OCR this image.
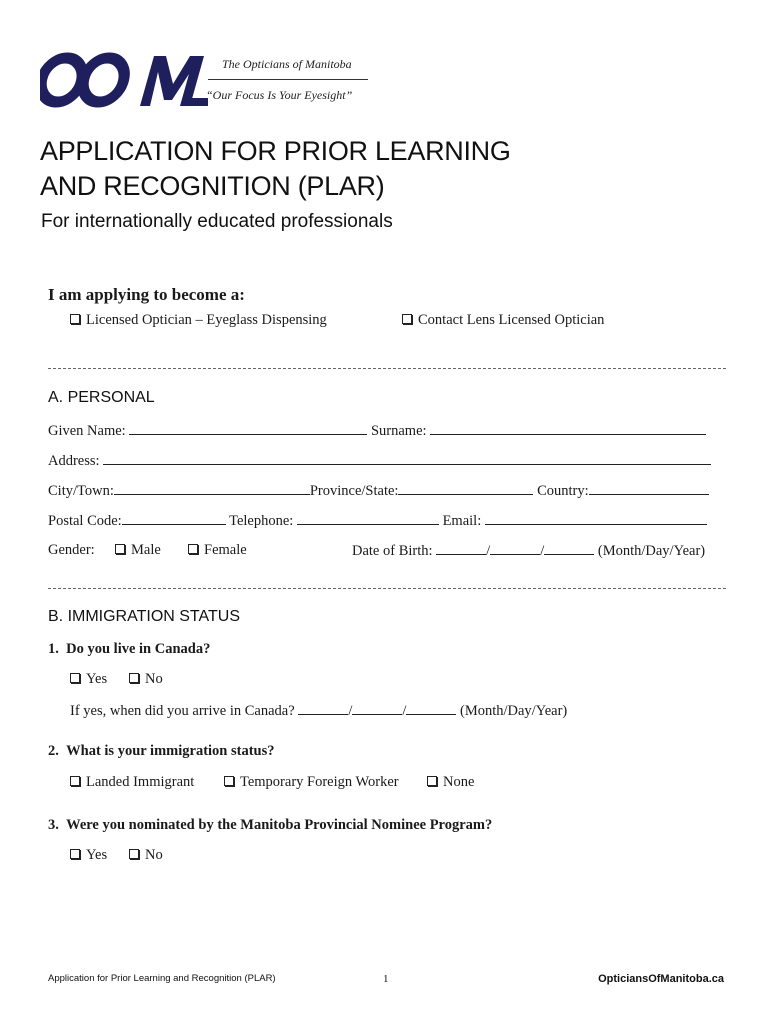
The Opticians of Manitoba
“Our Focus Is Your Eyesight”
APPLICATION FOR PRIOR LEARNING
AND RECOGNITION (PLAR)
For internationally educated professionals
I am applying to become a:
Licensed Optician – Eyeglass Dispensing	Contact Lens Licensed Optician
A. PERSONAL
Given Name:	Surname:
Address:
City/Town:	Province/State:	Country:
Postal Code:	Telephone:	Email:
Gender:	Male	Female	Date of Birth:	/	/	(Month/Day/Year)
B. IMMIGRATION STATUS
1.  Do you live in Canada?
Yes	No
If yes, when did you arrive in Canada?	/	/	(Month/Day/Year)
2.  What is your immigration status?
Landed Immigrant	Temporary Foreign Worker	None
3.  Were you nominated by the Manitoba Provincial Nominee Program?
Yes	No
Application for Prior Learning and Recognition (PLAR)	1	OpticiansOfManitoba.ca
